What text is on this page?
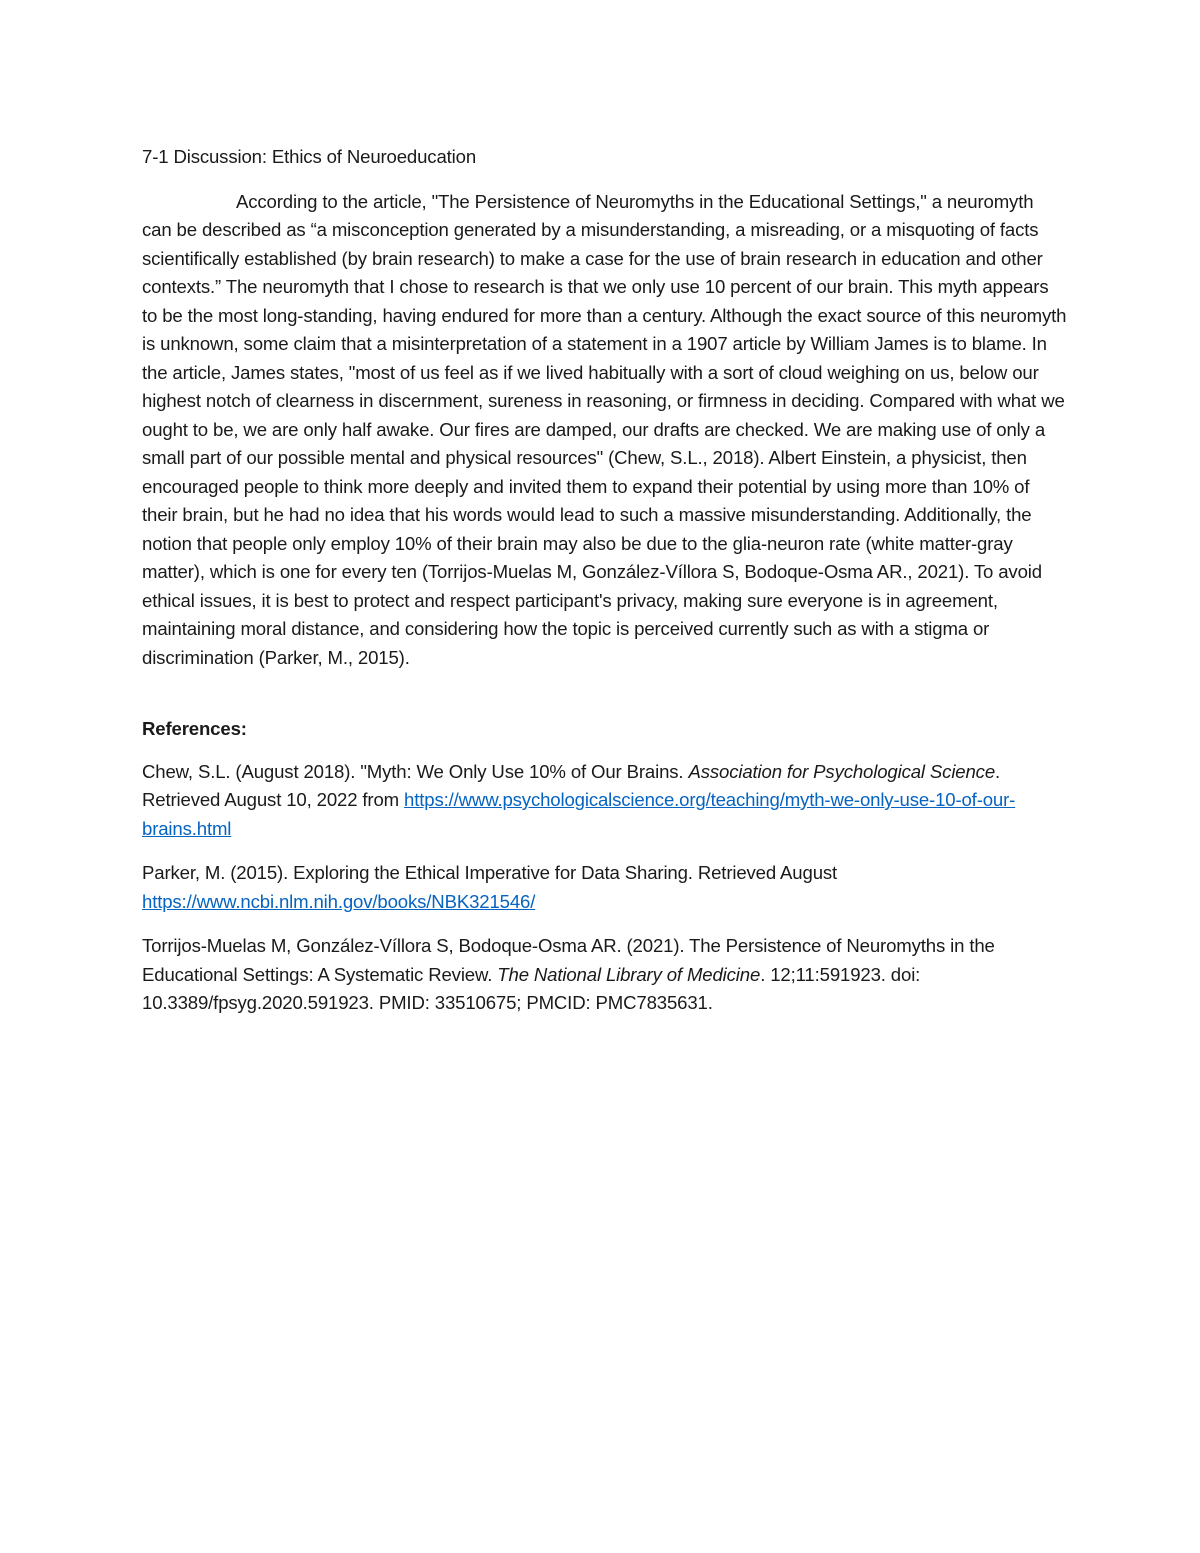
7-1 Discussion: Ethics of Neuroeducation

According to the article, "The Persistence of Neuromyths in the Educational Settings," a neuromyth can be described as “a misconception generated by a misunderstanding, a misreading, or a misquoting of facts scientifically established (by brain research) to make a case for the use of brain research in education and other contexts.” The neuromyth that I chose to research is that we only use 10 percent of our brain. This myth appears to be the most long-standing, having endured for more than a century. Although the exact source of this neuromyth is unknown, some claim that a misinterpretation of a statement in a 1907 article by William James is to blame. In the article, James states, "most of us feel as if we lived habitually with a sort of cloud weighing on us, below our highest notch of clearness in discernment, sureness in reasoning, or firmness in deciding. Compared with what we ought to be, we are only half awake. Our fires are damped, our drafts are checked. We are making use of only a small part of our possible mental and physical resources" (Chew, S.L., 2018). Albert Einstein, a physicist, then encouraged people to think more deeply and invited them to expand their potential by using more than 10% of their brain, but he had no idea that his words would lead to such a massive misunderstanding. Additionally, the notion that people only employ 10% of their brain may also be due to the glia-neuron rate (white matter-gray matter), which is one for every ten (Torrijos-Muelas M, González-Víllora S, Bodoque-Osma AR., 2021). To avoid ethical issues, it is best to protect and respect participant's privacy, making sure everyone is in agreement, maintaining moral distance, and considering how the topic is perceived currently such as with a stigma or discrimination (Parker, M., 2015).

References:

Chew, S.L. (August 2018). "Myth: We Only Use 10% of Our Brains. Association for Psychological Science. Retrieved August 10, 2022 from https://www.psychologicalscience.org/teaching/myth-we-only-use-10-of-our-brains.html

Parker, M. (2015). Exploring the Ethical Imperative for Data Sharing. Retrieved August https://www.ncbi.nlm.nih.gov/books/NBK321546/

Torrijos-Muelas M, González-Víllora S, Bodoque-Osma AR. (2021). The Persistence of Neuromyths in the Educational Settings: A Systematic Review. The National Library of Medicine. 12;11:591923. doi: 10.3389/fpsyg.2020.591923. PMID: 33510675; PMCID: PMC7835631.
